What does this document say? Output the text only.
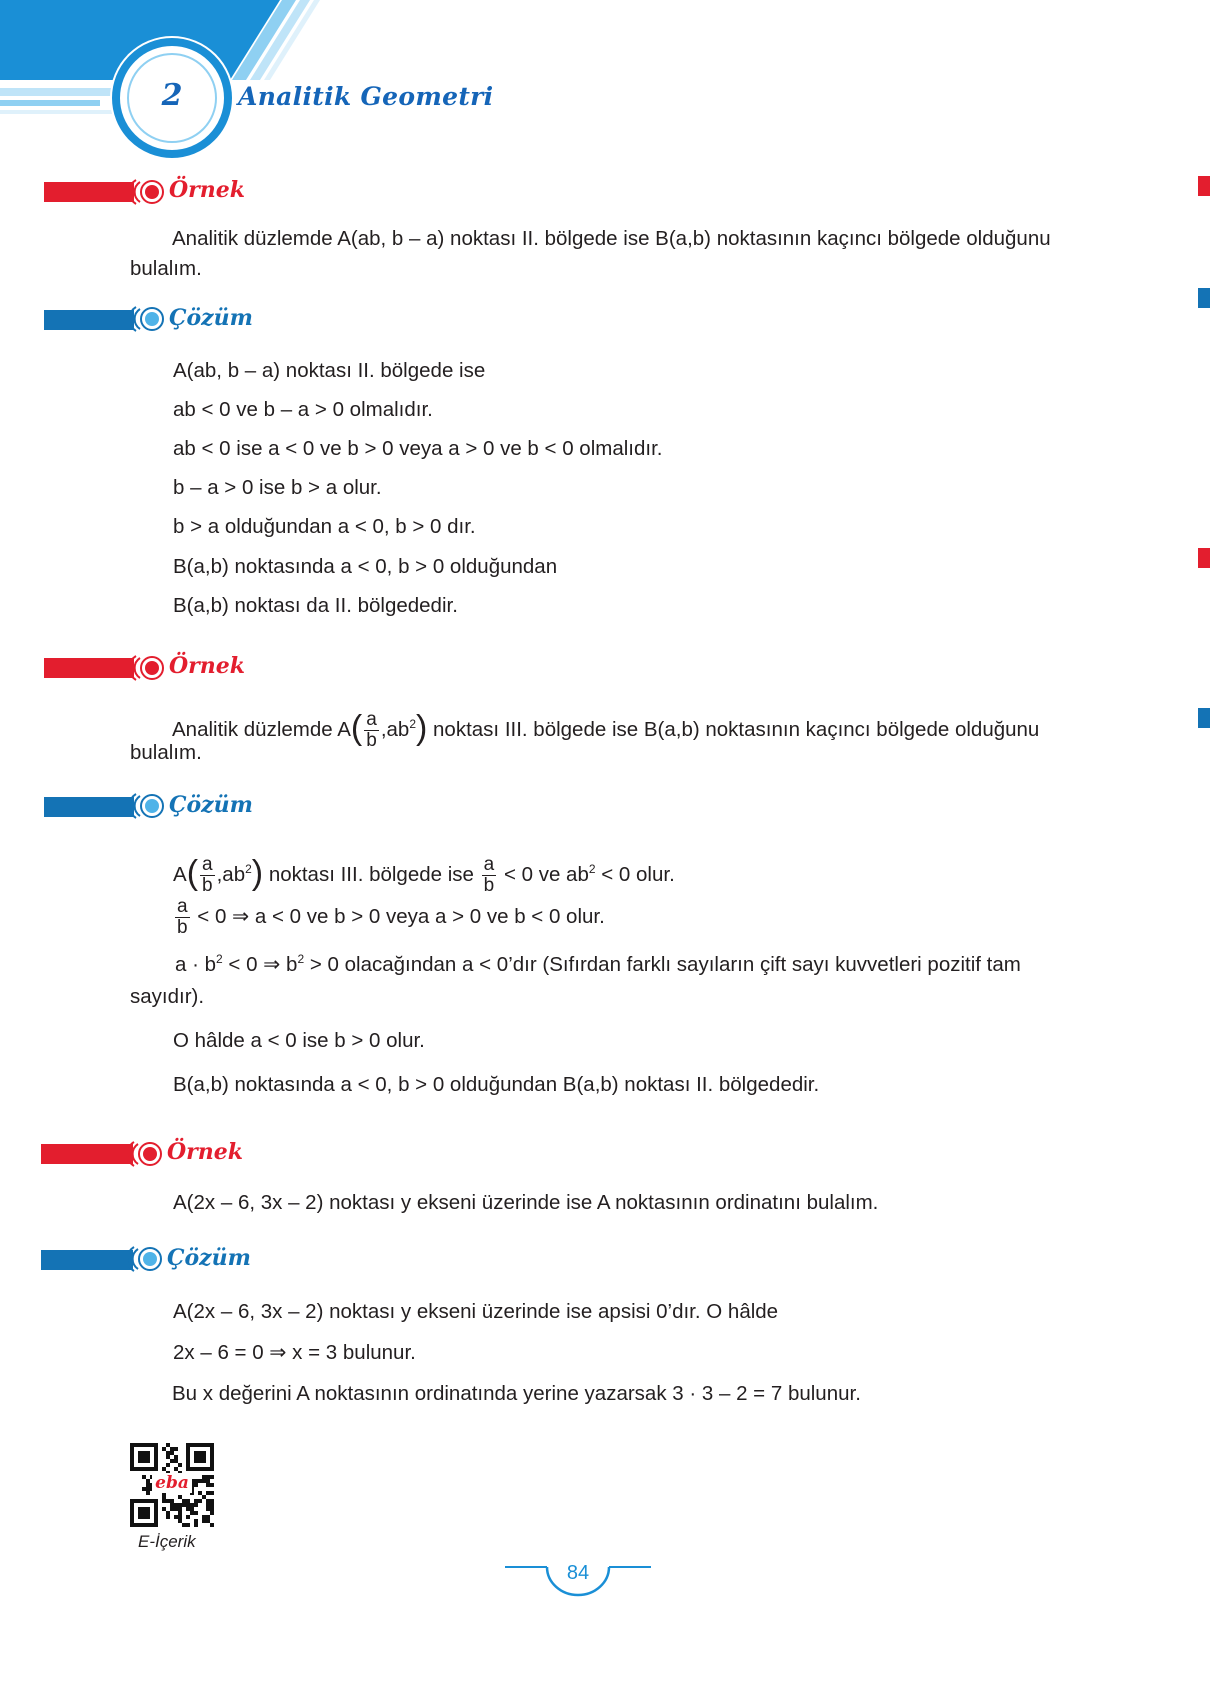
2 Analitik Geometri
Örnek
Analitik düzlemde A(ab, b – a) noktası II. bölgede ise B(a,b) noktasının kaçıncı bölgede olduğunu
bulalım.
Çözüm
A(ab, b – a) noktası II. bölgede ise
ab < 0 ve b – a > 0 olmalıdır.
ab < 0 ise a < 0 ve b > 0 veya a > 0 ve b < 0 olmalıdır.
b – a > 0 ise b > a olur.
b > a olduğundan a < 0, b > 0 dır.
B(a,b) noktasında a < 0, b > 0 olduğundan
B(a,b) noktası da II. bölgededir.
Örnek
Analitik düzlemde $A( \frac{a}{b} ,ab^2)$ noktası III. bölgede ise B(a,b) noktasının kaçıncı bölgede olduğunu
bulalım.
Çözüm
$A( \frac{a}{b} ,ab^2)$ noktası III. bölgede ise $\frac{a}{b} < 0$ ve $ab^2 < 0$ olur.
$\frac{a}{b} < 0$ ⇒ a < 0 ve b > 0 veya a > 0 ve b < 0 olur.
$a \cdot b^2 < 0$ ⇒ $b^2 > 0$ olacağından a < 0’dır (Sıfırdan farklı sayıların çift sayı kuvvetleri pozitif tam
sayıdır).
O hâlde a < 0 ise b > 0 olur.
B(a,b) noktasında a < 0, b > 0 olduğundan B(a,b) noktası II. bölgededir.
Örnek
A(2x – 6, 3x – 2) noktası y ekseni üzerinde ise A noktasının ordinatını bulalım.
Çözüm
A(2x – 6, 3x – 2) noktası y ekseni üzerinde ise apsisi 0’dır. O hâlde
2x – 6 = 0 ⇒ x = 3 bulunur.
Bu x değerini A noktasının ordinatında yerine yazarsak 3 · 3 – 2 = 7 bulunur.
eba
E-İçerik
84
